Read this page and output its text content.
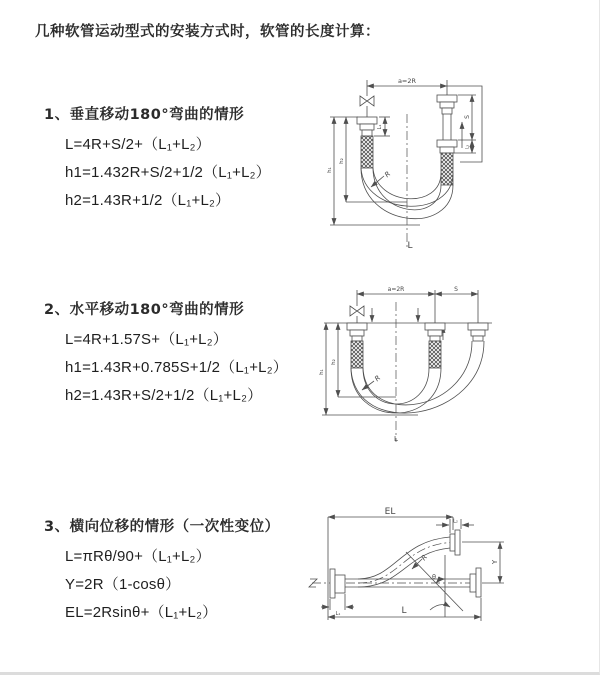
几种软管运动型式的安装方式时，软管的长度计算：
1、垂直移动180°弯曲的情形
L=4R+S/2+（L₁+L₂）
h1=1.432R+S/2+1/2（L₁+L₂）
h2=1.43R+1/2（L₁+L₂）
2、水平移动180°弯曲的情形
L=4R+1.57S+（L₁+L₂）
h1=1.43R+0.785S+1/2（L₁+L₂）
h2=1.43R+S/2+1/2（L₁+L₂）
3、横向位移的情形（一次性变位）
L=πRθ/90+（L₁+L₂）
Y=2R（1-cosθ）
EL=2Rsinθ+（L₁+L₂）
a=2R
L₁
S
L₂
h₁
h₂
R
L
a=2R	S
h₁
h₂
R
L
EL
L₂
Y
L
L₁
θ
R
